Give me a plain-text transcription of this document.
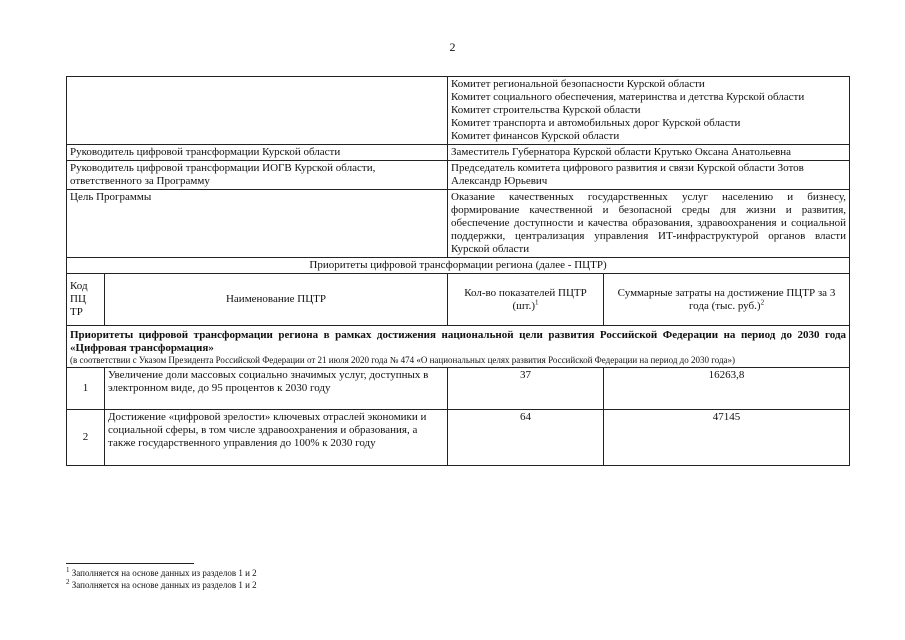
2

		Комитет региональной безопасности Курской области
Комитет социального обеспечения, материнства и детства Курской области
Комитет строительства Курской области
Комитет транспорта и автомобильных дорог Курской области
Комитет финансов Курской области	

Руководитель цифровой трансформации Курской области		Заместитель Губернатора Курской области Крутько Оксана Анатольевна	
Руководитель цифровой трансформации ИОГВ Курской области, ответственного за Программу		Председатель комитета цифрового развития и связи Курской области Зотов Александр Юрьевич	
Цель Программы		Оказание качественных государственных услуг населению и бизнесу, формирование качественной и безопасной среды для жизни и развития, обеспечение доступности и качества образования, здравоохранения и социальной поддержки, централизация управления ИТ-инфраструктурой органов власти Курской области	
Приоритеты цифровой трансформации региона (далее - ПЦТР)			
Код ПЦ ТР	Наименование ПЦТР	Кол-во показателей ПЦТР $(шт.)^1$	Суммарные затраты на достижение ПЦТР за 3 года (тыс. руб.)$^2$

Приоритеты цифровой трансформации региона в рамках достижения национальной цели развития Российской Федерации на период до 2030 года «Цифровая трансформация»
(в соответствии с Указом Президента Российской Федерации от 21 июля 2020 года № 474 «О национальных целях развития Российской Федерации на период до 2030 года»)			

1	Увеличение доли массовых социально значимых услуг, доступных в электронном виде, до 95 процентов к 2030 году	37	16263,8
2	Достижение «цифровой зрелости» ключевых отраслей экономики и социальной сферы, в том числе здравоохранения и образования, а также государственного управления до 100% к 2030 году	64	47145
$^1$ Заполняется на основе данных из разделов 1 и 2
$^2$ Заполняется на основе данных из разделов 1 и 2
